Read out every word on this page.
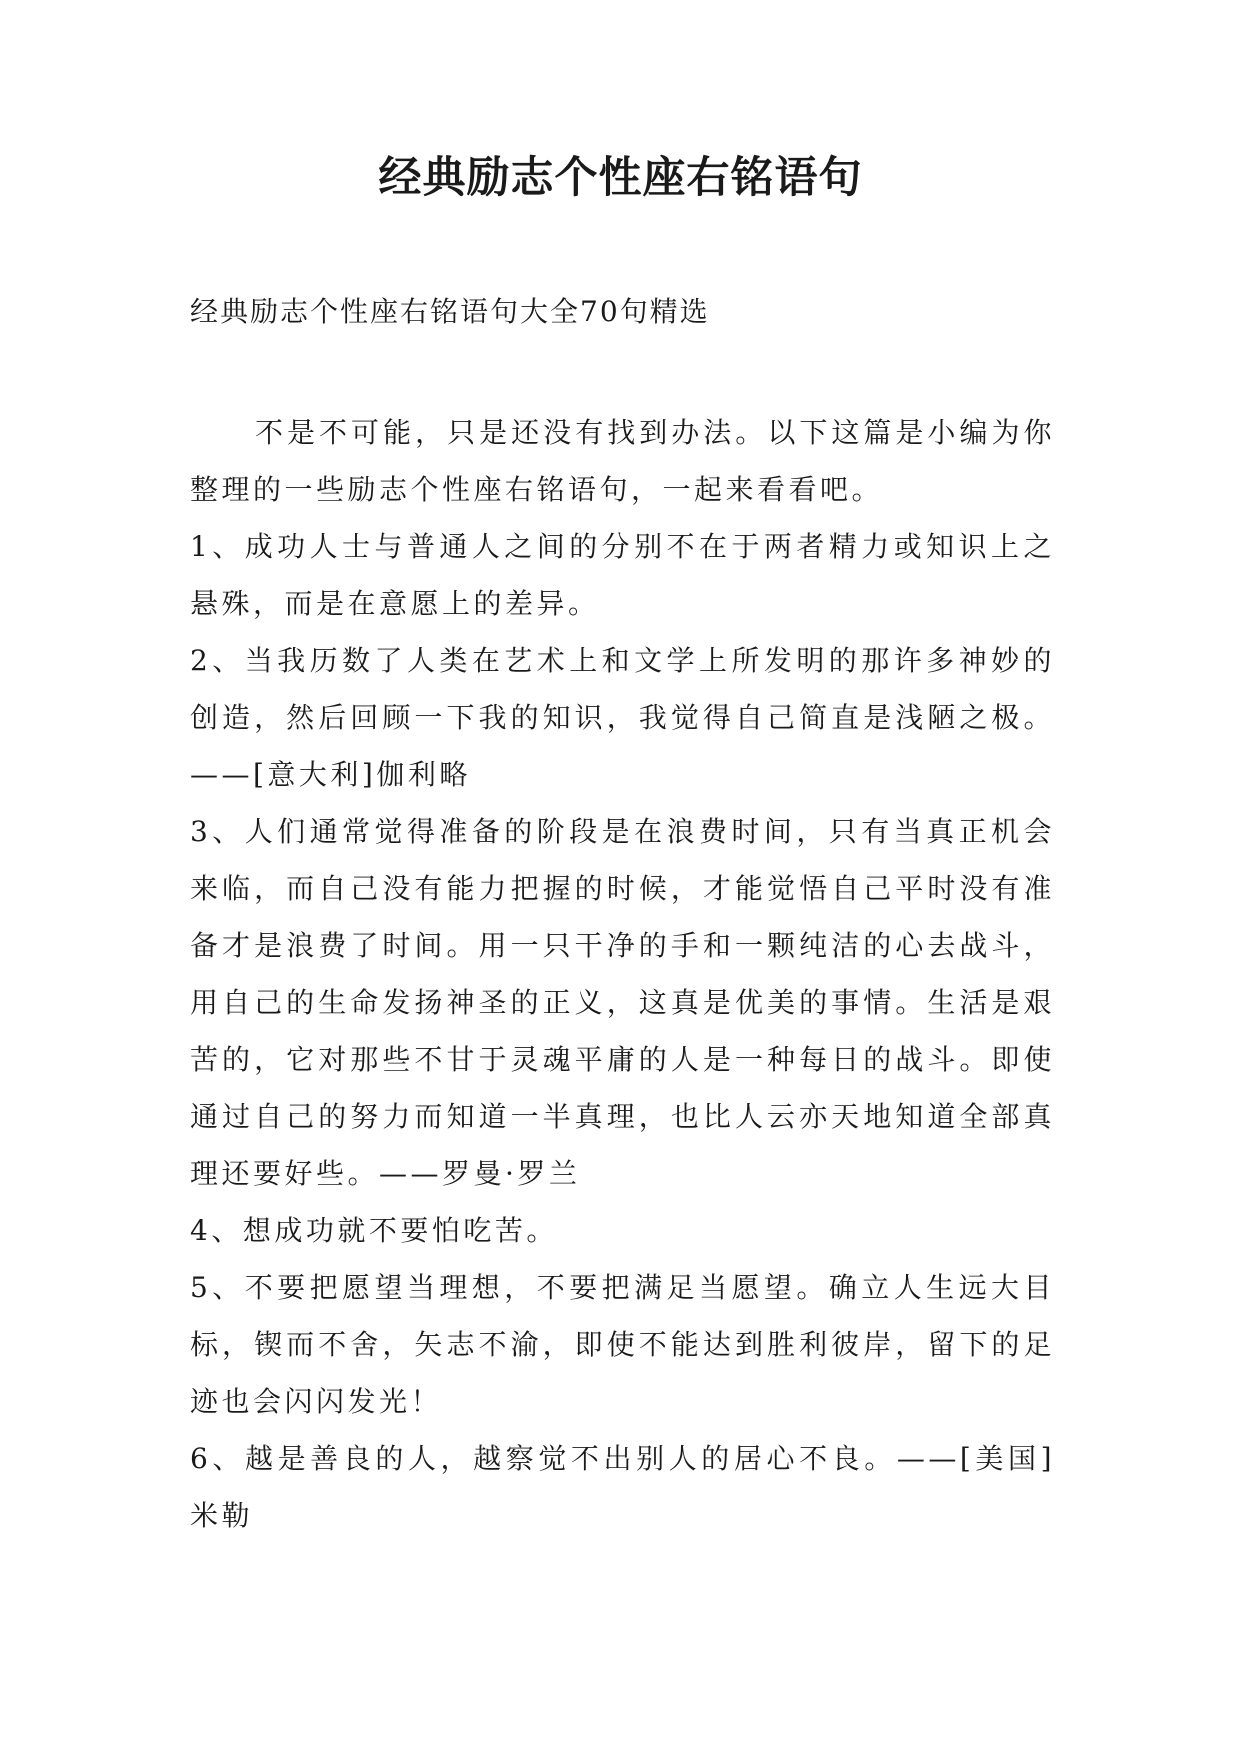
经典励志个性座右铭语句

经典励志个性座右铭语句大全70句精选

不是不可能，只是还没有找到办法。以下这篇是小编为你整理的一些励志个性座右铭语句，一起来看看吧。

1、成功人士与普通人之间的分别不在于两者精力或知识上之悬殊，而是在意愿上的差异。

2、当我历数了人类在艺术上和文学上所发明的那许多神妙的创造，然后回顾一下我的知识，我觉得自己简直是浅陋之极。——[意大利]伽利略

3、人们通常觉得准备的阶段是在浪费时间，只有当真正机会来临，而自己没有能力把握的时候，才能觉悟自己平时没有准备才是浪费了时间。用一只干净的手和一颗纯洁的心去战斗，用自己的生命发扬神圣的正义，这真是优美的事情。生活是艰苦的，它对那些不甘于灵魂平庸的人是一种每日的战斗。即使通过自己的努力而知道一半真理，也比人云亦天地知道全部真理还要好些。——罗曼·罗兰

4、想成功就不要怕吃苦。

5、不要把愿望当理想，不要把满足当愿望。确立人生远大目标，锲而不舍，矢志不渝，即使不能达到胜利彼岸，留下的足迹也会闪闪发光！

6、越是善良的人，越察觉不出别人的居心不良。——[美国]米勒
